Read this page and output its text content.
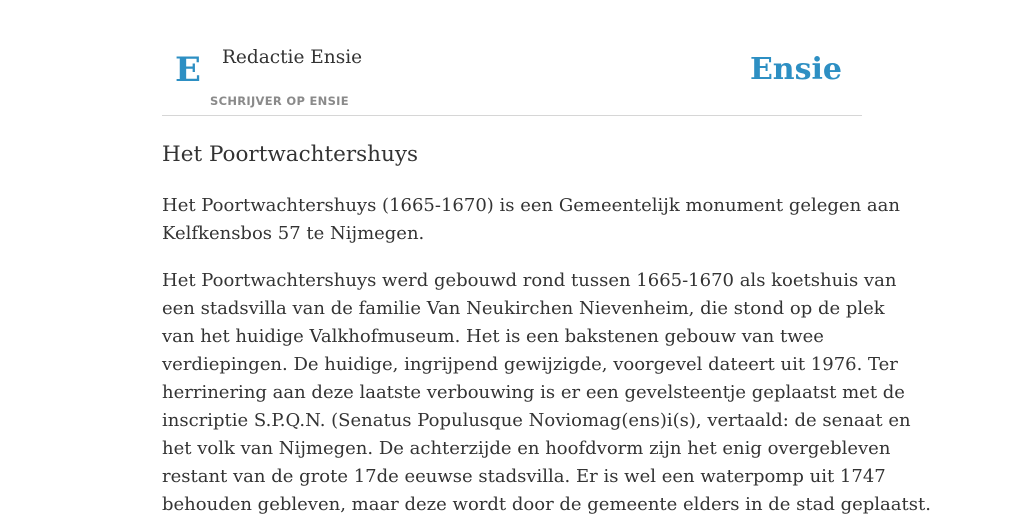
E Redactie Ensie
SCHRIJVER OP ENSIE
Ensie
Het Poortwachtershuys

Het Poortwachtershuys (1665-1670) is een Gemeentelijk monument gelegen aan
Kelfkensbos 57 te Nijmegen.

Het Poortwachtershuys werd gebouwd rond tussen 1665-1670 als koetshuis van
een stadsvilla van de familie Van Neukirchen Nievenheim, die stond op de plek
van het huidige Valkhofmuseum. Het is een bakstenen gebouw van twee
verdiepingen. De huidige, ingrijpend gewijzigde, voorgevel dateert uit 1976. Ter
herrinering aan deze laatste verbouwing is er een gevelsteentje geplaatst met de
inscriptie S.P.Q.N. (Senatus Populusque Noviomag(ens)i(s), vertaald: de senaat en
het volk van Nijmegen. De achterzijde en hoofdvorm zijn het enig overgebleven
restant van de grote 17de eeuwse stadsvilla. Er is wel een waterpomp uit 1747
behouden gebleven, maar deze wordt door de gemeente elders in de stad geplaatst.
